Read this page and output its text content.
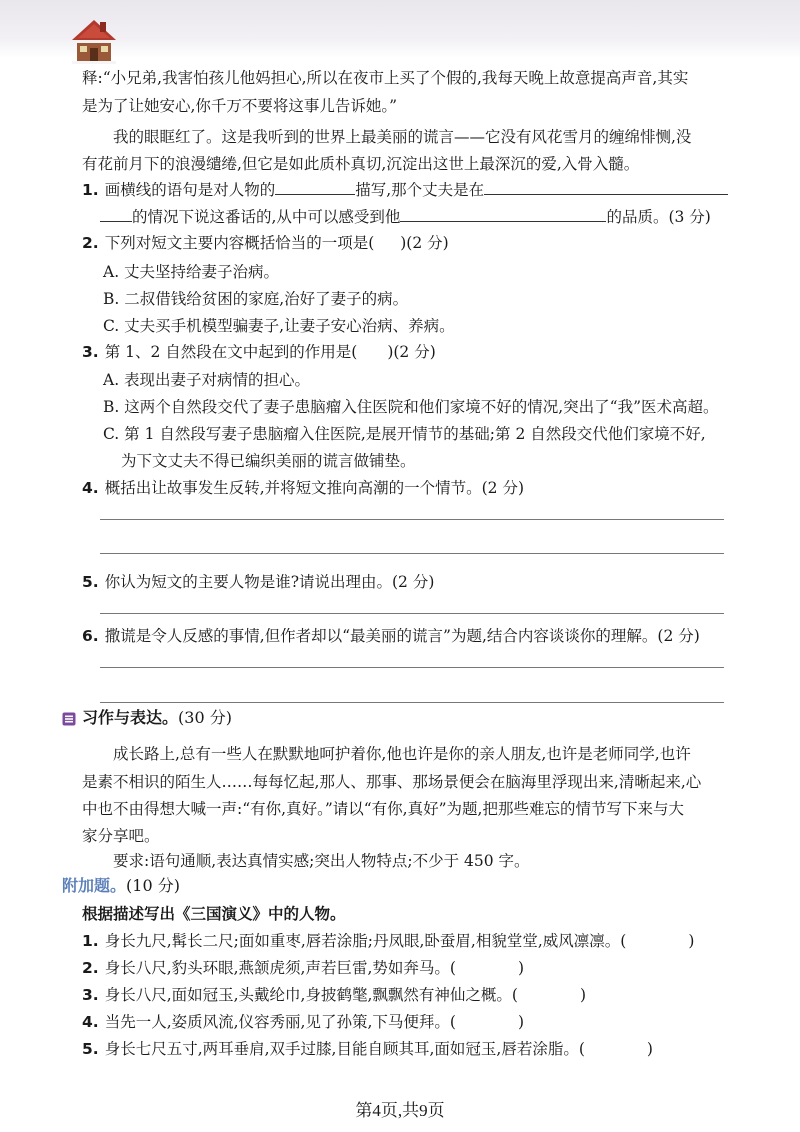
释:“小兄弟,我害怕孩儿他妈担心,所以在夜市上买了个假的,我每天晚上故意提高声音,其实
是为了让她安心,你千万不要将这事儿告诉她。”
我的眼眶红了。这是我听到的世界上最美丽的谎言——它没有风花雪月的缠绵悱恻,没
有花前月下的浪漫缱绻,但它是如此质朴真切,沉淀出这世上最深沉的爱,入骨入髓。
1. 画横线的语句是对人物的	描写,那个丈夫是在
的情况下说这番话的,从中可以感受到他	的品质。(3 分)
2. 下列对短文主要内容概括恰当的一项是( )(2 分)
A. 丈夫坚持给妻子治病。
B. 二叔借钱给贫困的家庭,治好了妻子的病。
C. 丈夫买手机模型骗妻子,让妻子安心治病、养病。
3. 第 1、2 自然段在文中起到的作用是( )(2 分)
A. 表现出妻子对病情的担心。
B. 这两个自然段交代了妻子患脑瘤入住医院和他们家境不好的情况,突出了“我”医术高超。
C. 第 1 自然段写妻子患脑瘤入住医院,是展开情节的基础;第 2 自然段交代他们家境不好,
为下文丈夫不得已编织美丽的谎言做铺垫。
4. 概括出让故事发生反转,并将短文推向高潮的一个情节。(2 分)
5. 你认为短文的主要人物是谁?请说出理由。(2 分)
6. 撒谎是令人反感的事情,但作者却以“最美丽的谎言”为题,结合内容谈谈你的理解。(2 分)
习作与表达。(30 分)
成长路上,总有一些人在默默地呵护着你,他也许是你的亲人朋友,也许是老师同学,也许
是素不相识的陌生人……每每忆起,那人、那事、那场景便会在脑海里浮现出来,清晰起来,心
中也不由得想大喊一声:“有你,真好。”请以“有你,真好”为题,把那些难忘的情节写下来与大
家分享吧。
要求:语句通顺,表达真情实感;突出人物特点;不少于 450 字。
附加题。(10 分)
根据描述写出《三国演义》中的人物。
1. 身长九尺,髯长二尺;面如重枣,唇若涂脂;丹凤眼,卧蚕眉,相貌堂堂,威风凛凛。(	)
2. 身长八尺,豹头环眼,燕颔虎须,声若巨雷,势如奔马。(	)
3. 身长八尺,面如冠玉,头戴纶巾,身披鹤氅,飘飘然有神仙之概。(	)
4. 当先一人,姿质风流,仪容秀丽,见了孙策,下马便拜。(	)
5. 身长七尺五寸,两耳垂肩,双手过膝,目能自顾其耳,面如冠玉,唇若涂脂。(	)
第4页,共9页
